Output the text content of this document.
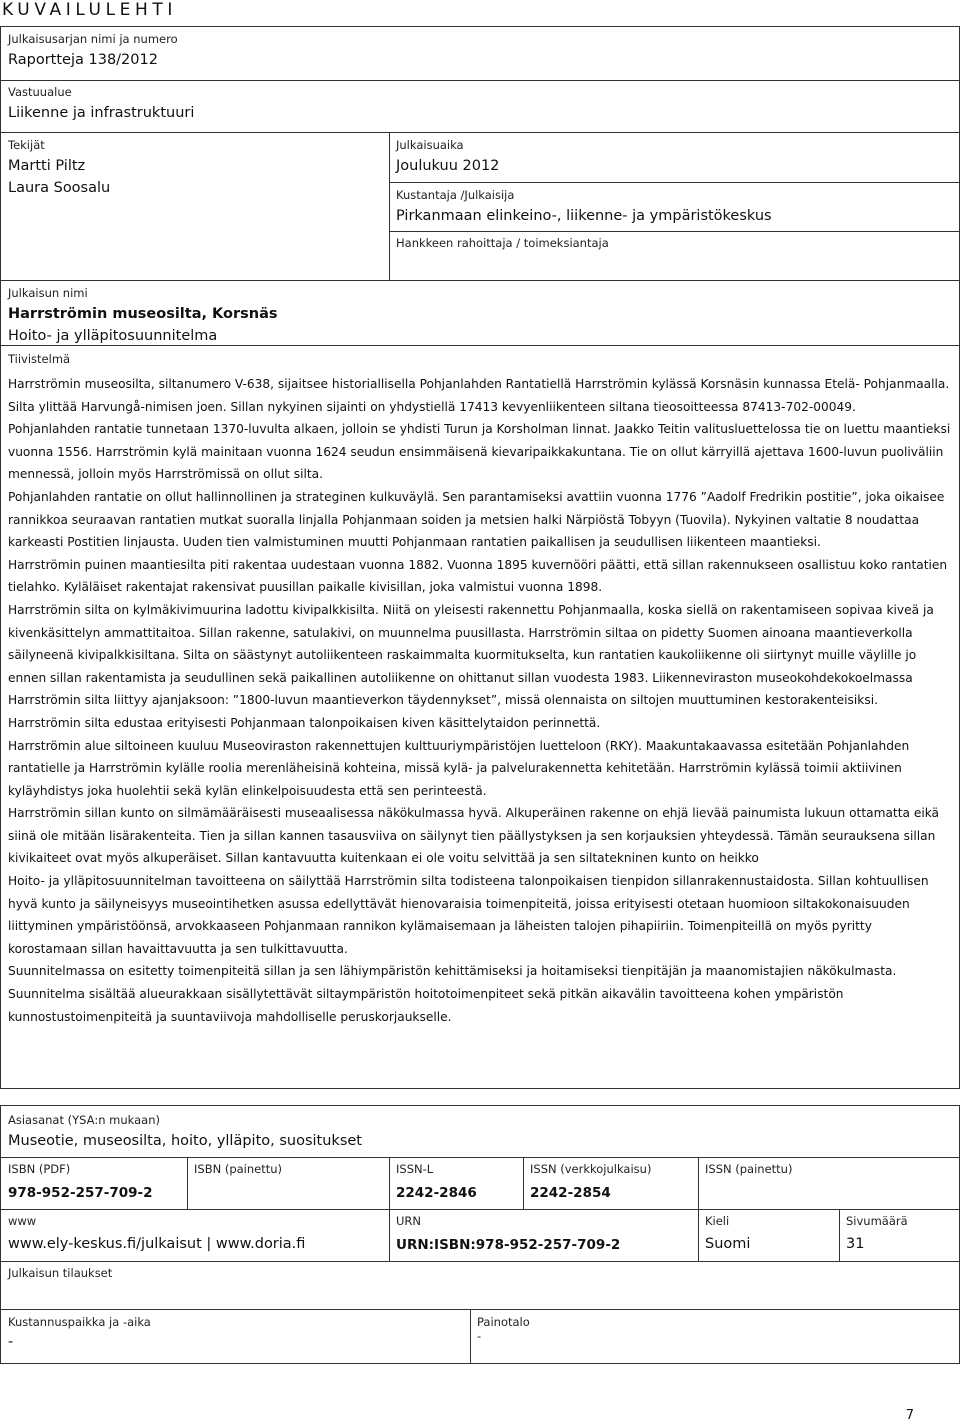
KUVAILULEHTI
Julkaisusarjan nimi ja numero
Raportteja 138/2012
Vastuualue
Liikenne ja infrastruktuuri
Tekijät
Martti Piltz
Laura Soosalu
Julkaisuaika
Joulukuu 2012
Kustantaja /Julkaisija
Pirkanmaan elinkeino-, liikenne- ja ympäristökeskus
Hankkeen rahoittaja / toimeksiantaja
Julkaisun nimi
Harrströmin museosilta, Korsnäs
Hoito- ja ylläpitosuunnitelma
Tiivistelmä

Harrströmin museosilta, siltanumero V-638, sijaitsee historiallisella Pohjanlahden Rantatiellä Harrströmin kylässä Korsnäsin kunnassa Etelä- Pohjanmaalla. Silta ylittää Harvungå-nimisen joen. Sillan nykyinen sijainti on yhdystiellä 17413 kevyenliikenteen siltana tieosoitteessa 87413-702-00049.

Pohjanlahden rantatie tunnetaan 1370-luvulta alkaen, jolloin se yhdisti Turun ja Korsholman linnat. Jaakko Teitin valitusluettelossa tie on luettu maantieksi vuonna 1556. Harrströmin kylä mainitaan vuonna 1624 seudun ensimmäisenä kievaripaikkakuntana. Tie on ollut kärryillä ajettava 1600-luvun puoliväliin mennessä, jolloin myös Harrströmissä on ollut silta.

Pohjanlahden rantatie on ollut hallinnollinen ja strateginen kulkuväylä. Sen parantamiseksi avattiin vuonna 1776 ”Aadolf Fredrikin postitie”, joka oikaisee rannikkoa seuraavan rantatien mutkat suoralla linjalla Pohjanmaan soiden ja metsien halki Närpiöstä Tobyyn (Tuovila). Nykyinen valtatie 8 noudattaa karkeasti Postitien linjausta. Uuden tien valmistuminen muutti Pohjanmaan rantatien paikallisen ja seudullisen liikenteen maantieksi.

Harrströmin puinen maantiesilta piti rakentaa uudestaan vuonna 1882. Vuonna 1895 kuvernööri päätti, että sillan rakennukseen osallistuu koko rantatien tielahko. Kyläläiset rakentajat rakensivat puusillan paikalle kivisillan, joka valmistui vuonna 1898.

Harrströmin silta on kylmäkivimuurina ladottu kivipalkkisilta. Niitä on yleisesti rakennettu Pohjanmaalla, koska siellä on rakentamiseen sopivaa kiveä ja kivenkäsittelyn ammattitaitoa. Sillan rakenne, satulakivi, on muunnelma puusillasta. Harrströmin siltaa on pidetty Suomen ainoana maantieverkolla säilyneenä kivipalkkisiltana. Silta on säästynyt autoliikenteen raskaimmalta kuormitukselta, kun rantatien kaukoliikenne oli siirtynyt muille väylille jo ennen sillan rakentamista ja seudullinen sekä paikallinen autoliikenne on ohittanut sillan vuodesta 1983. Liikenneviraston museokohdekokoelmassa Harrströmin silta liittyy ajanjaksoon: ”1800-luvun maantieverkon täydennykset”, missä olennaista on siltojen muuttuminen kestorakenteisiksi. Harrströmin silta edustaa erityisesti Pohjanmaan talonpoikaisen kiven käsittelytaidon perinnettä.

Harrströmin alue siltoineen kuuluu Museoviraston rakennettujen kulttuuriympäristöjen luetteloon (RKY). Maakuntakaavassa esitetään Pohjanlahden rantatielle ja Harrströmin kylälle roolia merenläheisinä kohteina, missä kylä- ja palvelurakennetta kehitetään. Harrströmin kylässä toimii aktiivinen kyläyhdistys joka huolehtii sekä kylän elinkelpoisuudesta että sen perinteestä.

Harrströmin sillan kunto on silmämääräisesti museaalisessa näkökulmassa hyvä. Alkuperäinen rakenne on ehjä lievää painumista lukuun ottamatta eikä siinä ole mitään lisärakenteita. Tien ja sillan kannen tasausviiva on säilynyt tien päällystyksen ja sen korjauksien yhteydessä. Tämän seurauksena sillan kivikaiteet ovat myös alkuperäiset. Sillan kantavuutta kuitenkaan ei ole voitu selvittää ja sen siltatekninen kunto on heikko

Hoito- ja ylläpitosuunnitelman tavoitteena on säilyttää Harrströmin silta todisteena talonpoikaisen tienpidon sillanrakennustaidosta. Sillan kohtuullisen hyvä kunto ja säilyneisyys museointihetken asussa edellyttävät hienovaraisia toimenpiteitä, joissa erityisesti otetaan huomioon siltakokonaisuuden liittyminen ympäristöönsä, arvokkaaseen Pohjanmaan rannikon kylämaisemaan ja läheisten talojen pihapiiriin. Toimenpiteillä on myös pyritty korostamaan sillan havaittavuutta ja sen tulkittavuutta.

Suunnitelmassa on esitetty toimenpiteitä sillan ja sen lähiympäristön kehittämiseksi ja hoitamiseksi tienpitäjän ja maanomistajien näkökulmasta. Suunnitelma sisältää alueurakkaan sisällytettävät siltaympäristön hoitotoimenpiteet sekä pitkän aikavälin tavoitteena kohen ympäristön kunnostustoimenpiteitä ja suuntaviivoja mahdolliselle peruskorjaukselle.

Asiasanat (YSA:n mukaan)
Museotie, museosilta, hoito, ylläpito, suositukset
ISBN (PDF)
978-952-257-709-2
ISBN (painettu)	ISSN-L
2242-2846
ISSN (verkkojulkaisu)
2242-2854
ISSN (painettu)
www
www.ely-keskus.fi/julkaisut | www.doria.fi
URN
URN:ISBN:978-952-257-709-2
Kieli
Suomi
Sivumäärä
31
Julkaisun tilaukset
Kustannuspaikka ja -aika
-
Painotalo
-
7
